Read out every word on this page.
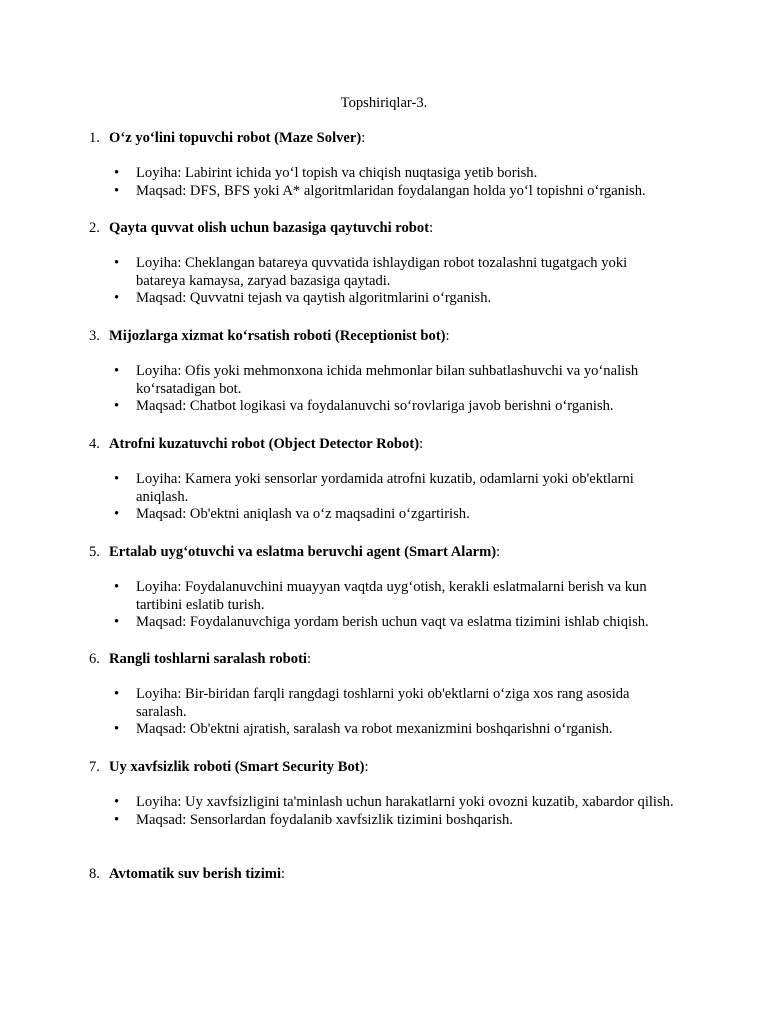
Topshiriqlar-3.
1. O‘z yo‘lini topuvchi robot (Maze Solver):
• Loyiha: Labirint ichida yo‘l topish va chiqish nuqtasiga yetib borish.
• Maqsad: DFS, BFS yoki A* algoritmlaridan foydalangan holda yo‘l topishni o‘rganish.
2. Qayta quvvat olish uchun bazasiga qaytuvchi robot:
• Loyiha: Cheklangan batareya quvvatida ishlaydigan robot tozalashni tugatgach yoki batareya kamaysa, zaryad bazasiga qaytadi.
• Maqsad: Quvvatni tejash va qaytish algoritmlarini o‘rganish.
3. Mijozlarga xizmat ko‘rsatish roboti (Receptionist bot):
• Loyiha: Ofis yoki mehmonxona ichida mehmonlar bilan suhbatlashuvchi va yo‘nalish ko‘rsatadigan bot.
• Maqsad: Chatbot logikasi va foydalanuvchi so‘rovlariga javob berishni o‘rganish.
4. Atrofni kuzatuvchi robot (Object Detector Robot):
• Loyiha: Kamera yoki sensorlar yordamida atrofni kuzatib, odamlarni yoki ob'ektlarni aniqlash.
• Maqsad: Ob'ektni aniqlash va o‘z maqsadini o‘zgartirish.
5. Ertalab uyg‘otuvchi va eslatma beruvchi agent (Smart Alarm):
• Loyiha: Foydalanuvchini muayyan vaqtda uyg‘otish, kerakli eslatmalarni berish va kun tartibini eslatib turish.
• Maqsad: Foydalanuvchiga yordam berish uchun vaqt va eslatma tizimini ishlab chiqish.
6. Rangli toshlarni saralash roboti:
• Loyiha: Bir-biridan farqli rangdagi toshlarni yoki ob'ektlarni o‘ziga xos rang asosida saralash.
• Maqsad: Ob'ektni ajratish, saralash va robot mexanizmini boshqarishni o‘rganish.
7. Uy xavfsizlik roboti (Smart Security Bot):
• Loyiha: Uy xavfsizligini ta'minlash uchun harakatlarni yoki ovozni kuzatib, xabardor qilish.
• Maqsad: Sensorlardan foydalanib xavfsizlik tizimini boshqarish.
8. Avtomatik suv berish tizimi:
